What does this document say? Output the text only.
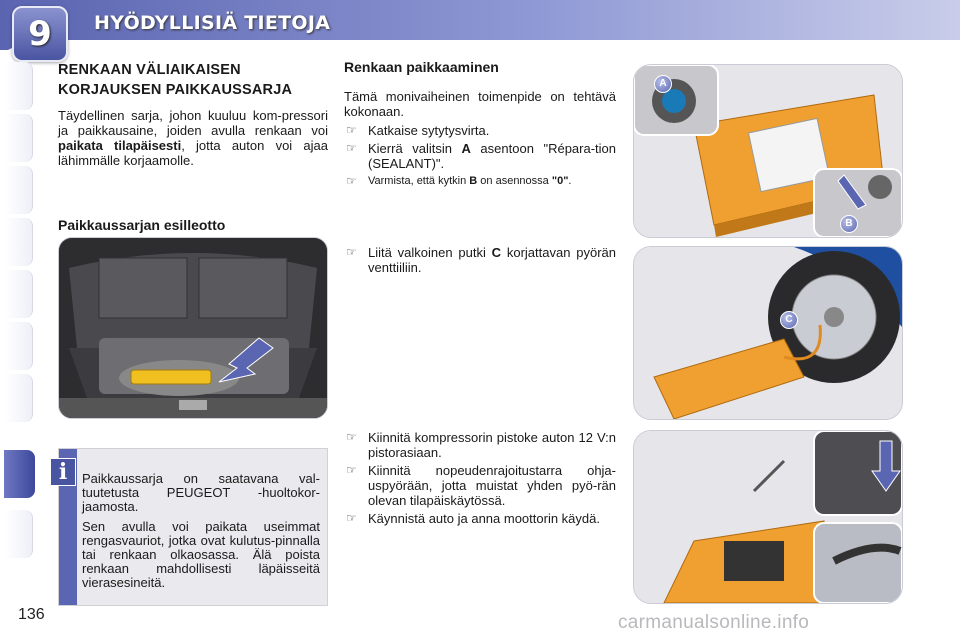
9 HYÖDYLLISIÄ TIETOJA
136
RENKAAN VÄLIAIKAISEN
KORJAUKSEN PAIKKAUSSARJA

Täydellinen sarja, johon kuuluu kom-pressori ja paikkausaine, joiden avulla renkaan voi paikata tilapäisesti, jotta auton voi ajaa lähimmälle korjaamolle.

Paikkaussarjan esilleotto
i	Paikkaussarja on saatavana val-tuutetusta PEUGEOT -huoltokor-jaamosta.

Sen avulla voi paikata useimmat rengasvauriot, jotka ovat kulutus-pinnalla tai renkaan olkaosassa. Älä poista renkaan mahdollisesti läpäisseitä vierasesineitä.

Renkaan paikkaaminen

Tämä monivaiheinen toimenpide on tehtävä kokonaan.

☞ Katkaise sytytysvirta.
☞ Kierrä valitsin A asentoon "Répara-tion (SEALANT)".
☞ Varmista, että kytkin B on asennossa "0".
☞ Liitä valkoinen putki C korjattavan pyörän venttiiliin.
☞ Kiinnitä kompressorin pistoke auton 12 V:n pistorasiaan.
☞ Kiinnitä nopeudenrajoitustarra ohja-uspyörään, jotta muistat yhden pyö-rän olevan tilapäiskäytössä.
☞ Käynnistä auto ja anna moottorin käydä.
A
B
C
carmanualsonline.info
